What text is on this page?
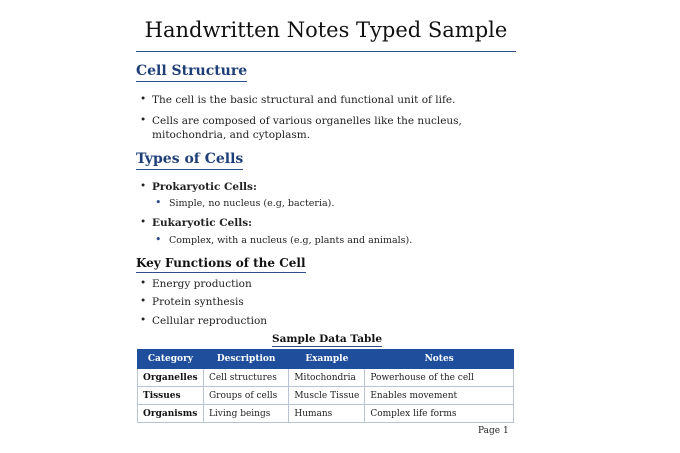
Handwritten Notes Typed Sample
Cell Structure
• The cell is the basic structural and functional unit of life.
• Cells are composed of various organelles like the nucleus, mitochondria, and cytoplasm.
Types of Cells
• Prokaryotic Cells:
• Simple, no nucleus (e.g, bacteria).
• Eukaryotic Cells:
• Complex, with a nucleus (e.g, plants and animals).
Key Functions of the Cell
• Energy production
• Protein synthesis
• Cellular reproduction
Sample Data Table
Category	Description	Example	Notes
Organelles	Cell structures	Mitochondria	Powerhouse of the cell
Tissues	Groups of cells	Muscle Tissue	Enables movement
Organisms	Living beings	Humans	Complex life forms
Page 1
